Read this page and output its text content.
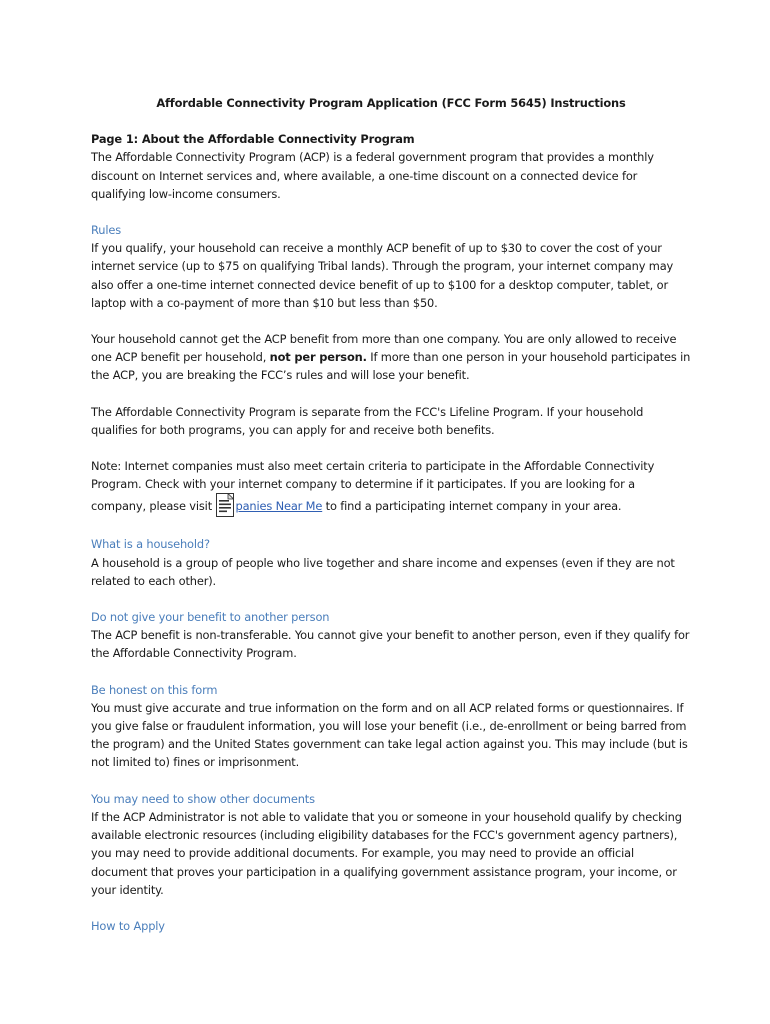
Affordable Connectivity Program Application (FCC Form 5645) Instructions
Page 1: About the Affordable Connectivity Program

The Affordable Connectivity Program (ACP) is a federal government program that provides a monthly discount on Internet services and, where available, a one-time discount on a connected device for qualifying low-income consumers.

Rules

If you qualify, your household can receive a monthly ACP benefit of up to $30 to cover the cost of your internet service (up to $75 on qualifying Tribal lands). Through the program, your internet company may also offer a one-time internet connected device benefit of up to $100 for a desktop computer, tablet, or laptop with a co-payment of more than $10 but less than $50.

Your household cannot get the ACP benefit from more than one company. You are only allowed to receive one ACP benefit per household, not per person. If more than one person in your household participates in the ACP, you are breaking the FCC’s rules and will lose your benefit.

The Affordable Connectivity Program is separate from the FCC's Lifeline Program. If your household qualifies for both programs, you can apply for and receive both benefits.

Note: Internet companies must also meet certain criteria to participate in the Affordable Connectivity Program. Check with your internet company to determine if it participates. If you are looking for a company, please visit panies Near Me to find a participating internet company in your area.

What is a household?

A household is a group of people who live together and share income and expenses (even if they are not related to each other).

Do not give your benefit to another person

The ACP benefit is non-transferable. You cannot give your benefit to another person, even if they qualify for the Affordable Connectivity Program.

Be honest on this form

You must give accurate and true information on the form and on all ACP related forms or questionnaires. If you give false or fraudulent information, you will lose your benefit (i.e., de-enrollment or being barred from the program) and the United States government can take legal action against you. This may include (but is not limited to) fines or imprisonment.

You may need to show other documents

If the ACP Administrator is not able to validate that you or someone in your household qualify by checking available electronic resources (including eligibility databases for the FCC's government agency partners), you may need to provide additional documents. For example, you may need to provide an official document that proves your participation in a qualifying government assistance program, your income, or your identity.

How to Apply
